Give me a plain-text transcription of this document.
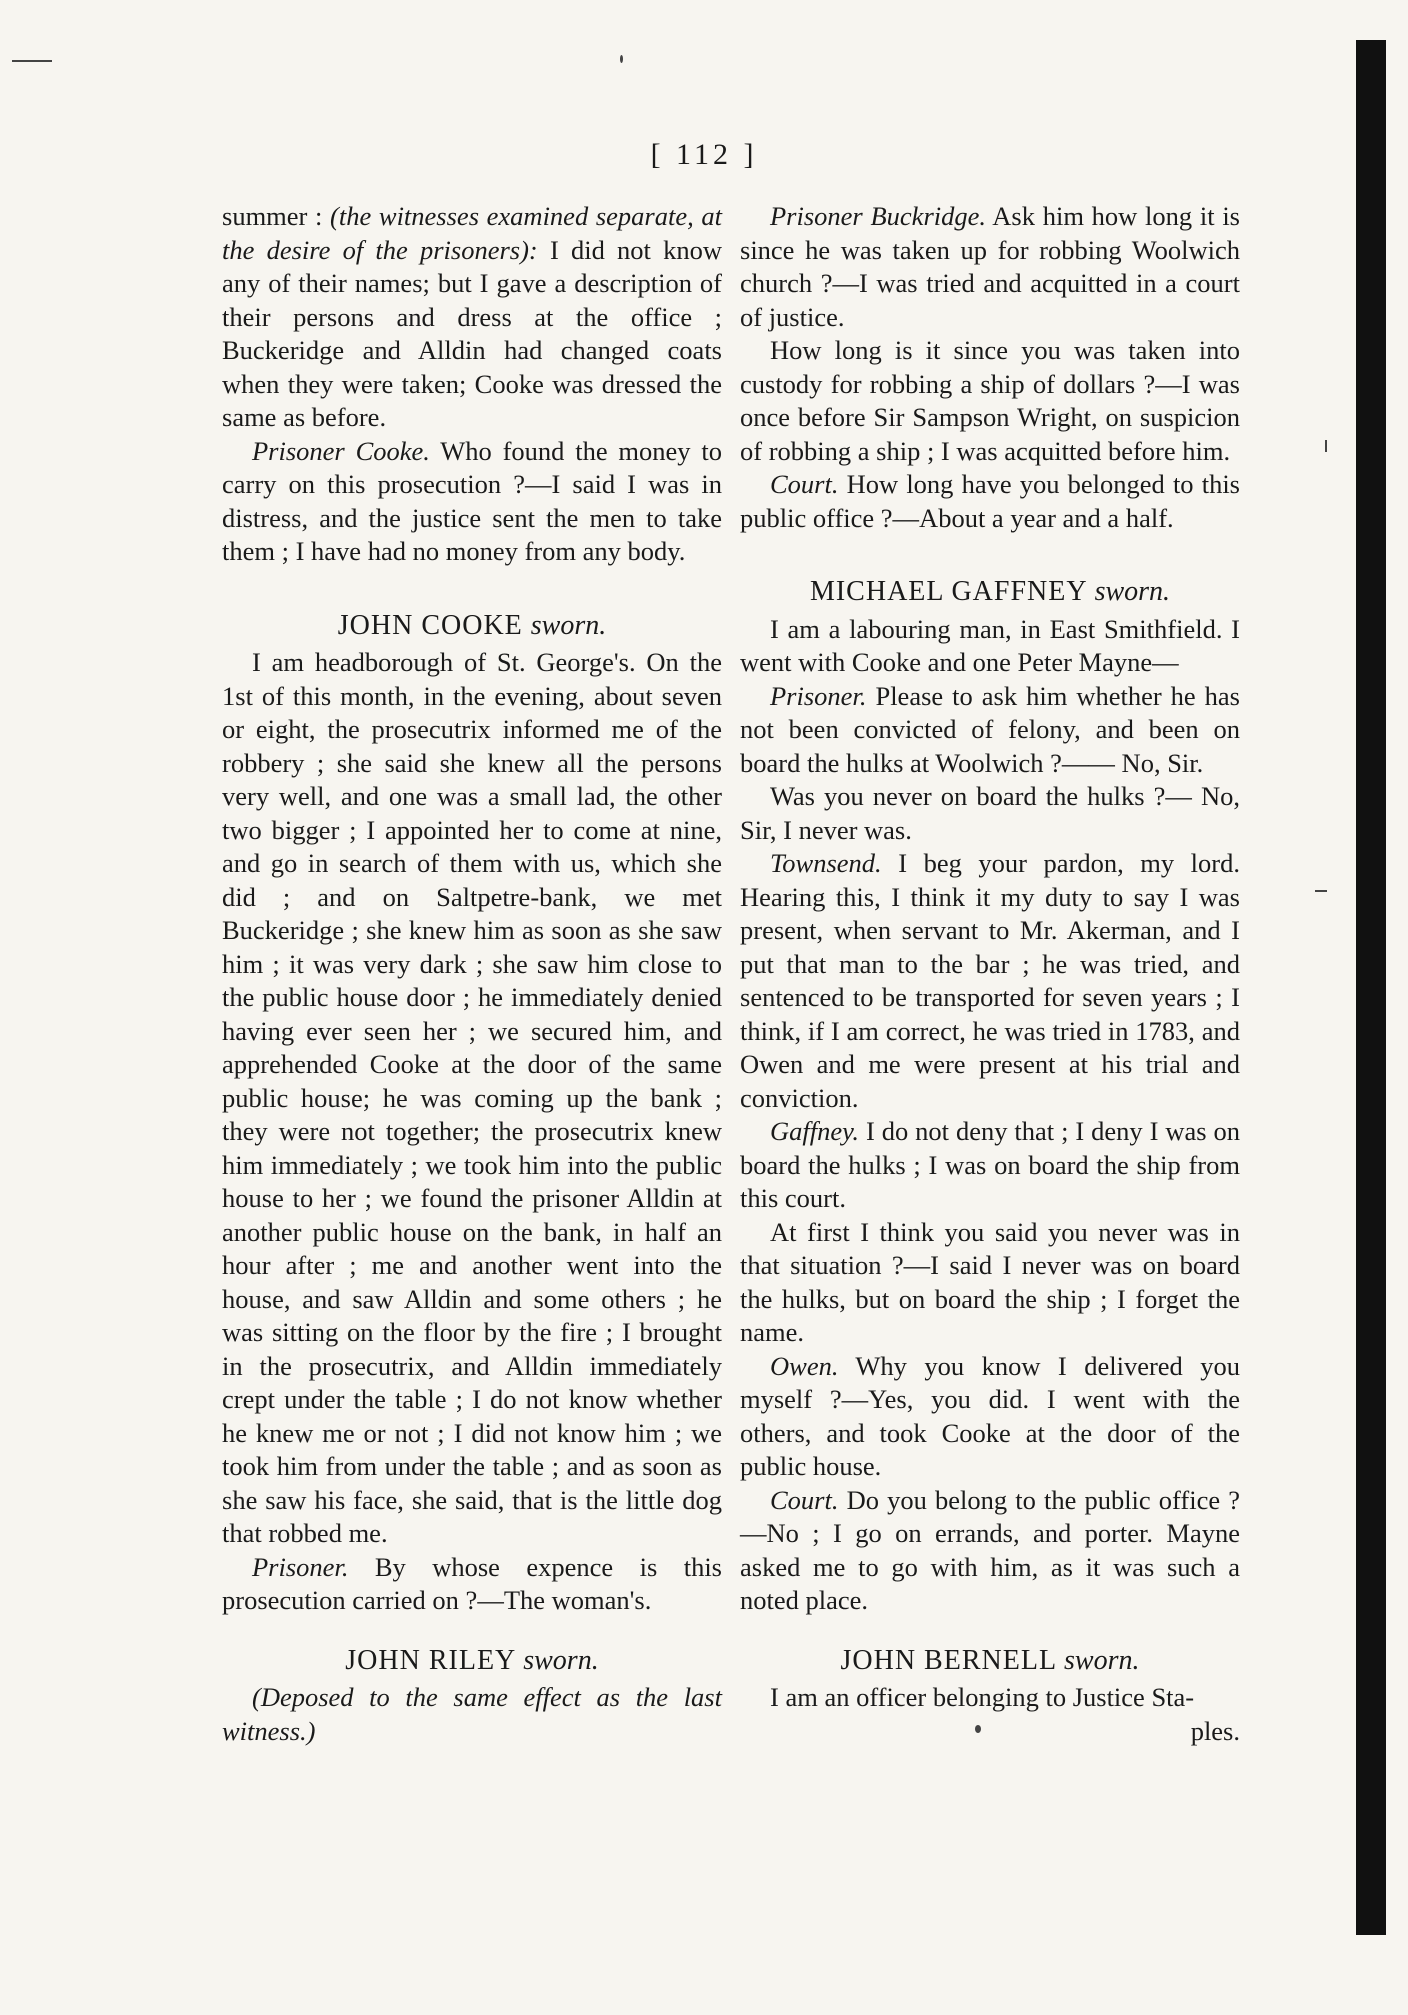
[ 112 ]

summer : (the witnesses examined separate, at the desire of the prisoners): I did not know any of their names; but I gave a description of their persons and dress at the office ; Buckeridge and Alldin had changed coats when they were taken; Cooke was dressed the same as before.

Prisoner Cooke. Who found the money to carry on this prosecution ?—I said I was in distress, and the justice sent the men to take them ; I have had no money from any body.

JOHN COOKE sworn.

I am headborough of St. George's. On the 1st of this month, in the evening, about seven or eight, the prosecutrix informed me of the robbery ; she said she knew all the persons very well, and one was a small lad, the other two bigger ; I appointed her to come at nine, and go in search of them with us, which she did ; and on Saltpetre-bank, we met Buckeridge ; she knew him as soon as she saw him ; it was very dark ; she saw him close to the public house door ; he immediately denied having ever seen her ; we secured him, and apprehended Cooke at the door of the same public house; he was coming up the bank ; they were not together; the prosecutrix knew him immediately ; we took him into the public house to her ; we found the prisoner Alldin at another public house on the bank, in half an hour after ; me and another went into the house, and saw Alldin and some others ; he was sitting on the floor by the fire ; I brought in the prosecutrix, and Alldin immediately crept under the table ; I do not know whether he knew me or not ; I did not know him ; we took him from under the table ; and as soon as she saw his face, she said, that is the little dog that robbed me.

Prisoner. By whose expence is this prosecution carried on ?—The woman's.

JOHN RILEY sworn.

(Deposed to the same effect as the last witness.)

Prisoner Buckridge. Ask him how long it is since he was taken up for robbing Woolwich church ?—I was tried and acquitted in a court of justice.

How long is it since you was taken into custody for robbing a ship of dollars ?—I was once before Sir Sampson Wright, on suspicion of robbing a ship ; I was acquitted before him.

Court. How long have you belonged to this public office ?—About a year and a half.

MICHAEL GAFFNEY sworn.

I am a labouring man, in East Smithfield. I went with Cooke and one Peter Mayne—

Prisoner. Please to ask him whether he has not been convicted of felony, and been on board the hulks at Woolwich ?—— No, Sir.

Was you never on board the hulks ?— No, Sir, I never was.

Townsend. I beg your pardon, my lord. Hearing this, I think it my duty to say I was present, when servant to Mr. Akerman, and I put that man to the bar ; he was tried, and sentenced to be transported for seven years ; I think, if I am correct, he was tried in 1783, and Owen and me were present at his trial and conviction.

Gaffney. I do not deny that ; I deny I was on board the hulks ; I was on board the ship from this court.

At first I think you said you never was in that situation ?—I said I never was on board the hulks, but on board the ship ; I forget the name.

Owen. Why you know I delivered you myself ?—Yes, you did. I went with the others, and took Cooke at the door of the public house.

Court. Do you belong to the public office ?—No ; I go on errands, and porter. Mayne asked me to go with him, as it was such a noted place.

JOHN BERNELL sworn.

I am an officer belonging to Justice Sta-

ples.
